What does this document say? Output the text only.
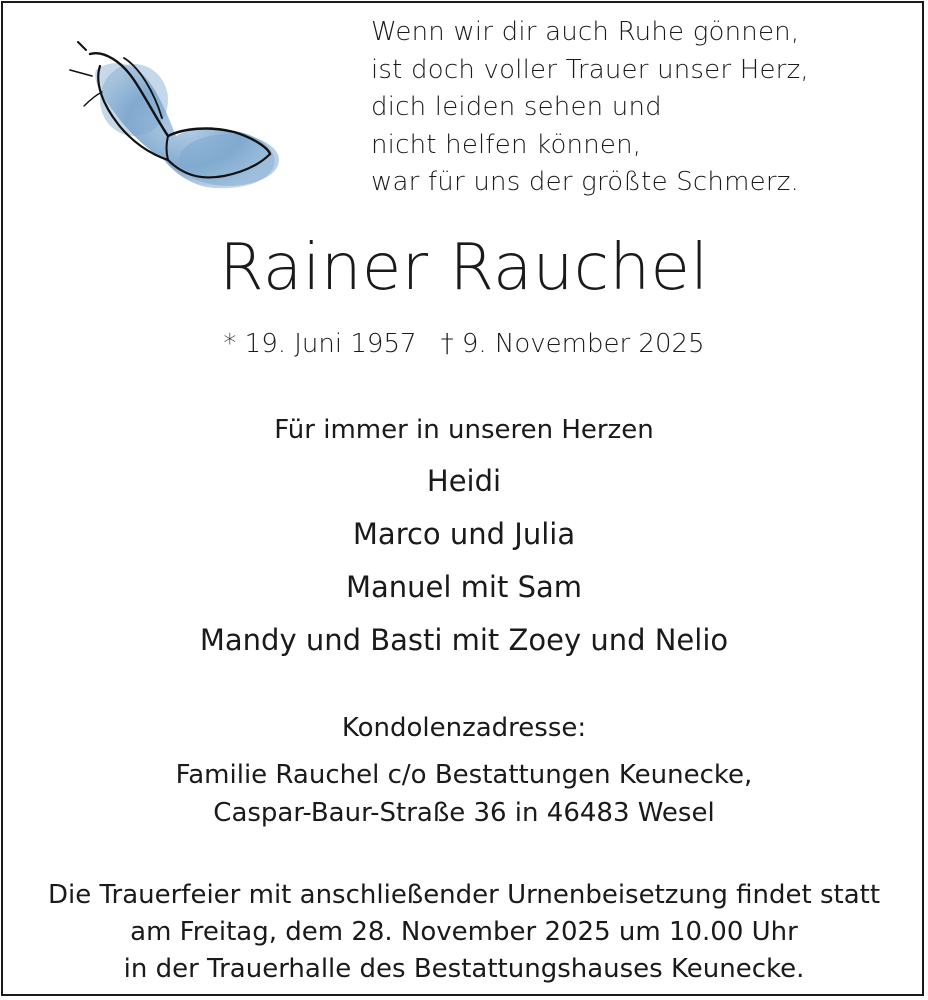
Wenn wir dir auch Ruhe gönnen,
ist doch voller Trauer unser Herz,
dich leiden sehen und
nicht helfen können,
war für uns der größte Schmerz.
Rainer Rauchel
* 19. Juni 1957 † 9. November 2025
Für immer in unseren Herzen
Heidi
Marco und Julia
Manuel mit Sam
Mandy und Basti mit Zoey und Nelio
Kondolenzadresse:
Familie Rauchel c/o Bestattungen Keunecke,
Caspar-Baur-Straße 36 in 46483 Wesel
Die Trauerfeier mit anschließender Urnenbeisetzung findet statt
am Freitag, dem 28. November 2025 um 10.00 Uhr
in der Trauerhalle des Bestattungshauses Keunecke.
